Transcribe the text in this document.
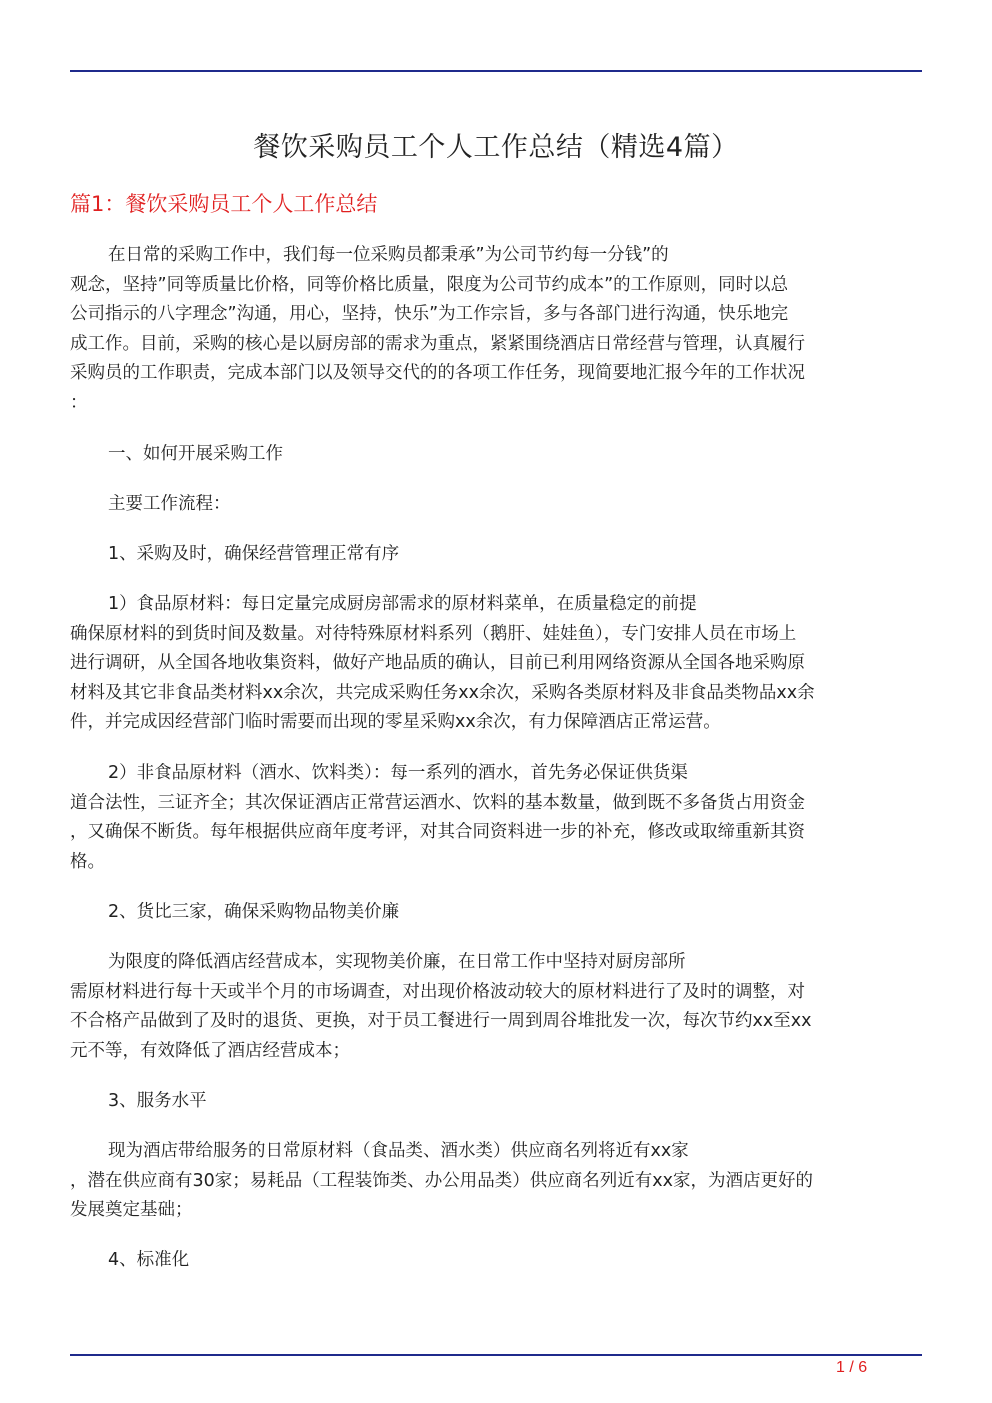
餐饮采购员工个人工作总结（精选4篇）
篇1：餐饮采购员工个人工作总结

在日常的采购工作中，我们每一位采购员都秉承”为公司节约每一分钱”的
观念，坚持”同等质量比价格，同等价格比质量，限度为公司节约成本”的工作原则，同时以总
公司指示的八字理念”沟通，用心，坚持，快乐”为工作宗旨，多与各部门进行沟通，快乐地完
成工作。目前，采购的核心是以厨房部的需求为重点，紧紧围绕酒店日常经营与管理，认真履行
采购员的工作职责，完成本部门以及领导交代的的各项工作任务，现简要地汇报今年的工作状况
：

一、如何开展采购工作

主要工作流程：

1、采购及时，确保经营管理正常有序

1）食品原材料：每日定量完成厨房部需求的原材料菜单，在质量稳定的前提
确保原材料的到货时间及数量。对待特殊原材料系列（鹅肝、娃娃鱼），专门安排人员在市场上
进行调研，从全国各地收集资料，做好产地品质的确认，目前已利用网络资源从全国各地采购原
材料及其它非食品类材料xx余次，共完成采购任务xx余次，采购各类原材料及非食品类物品xx余
件，并完成因经营部门临时需要而出现的零星采购xx余次，有力保障酒店正常运营。

2）非食品原材料（酒水、饮料类）：每一系列的酒水，首先务必保证供货渠
道合法性，三证齐全；其次保证酒店正常营运酒水、饮料的基本数量，做到既不多备货占用资金
，又确保不断货。每年根据供应商年度考评，对其合同资料进一步的补充，修改或取缔重新其资
格。

2、货比三家，确保采购物品物美价廉

为限度的降低酒店经营成本，实现物美价廉，在日常工作中坚持对厨房部所
需原材料进行每十天或半个月的市场调查，对出现价格波动较大的原材料进行了及时的调整，对
不合格产品做到了及时的退货、更换，对于员工餐进行一周到周谷堆批发一次，每次节约xx至xx
元不等，有效降低了酒店经营成本；

3、服务水平

现为酒店带给服务的日常原材料（食品类、酒水类）供应商名列将近有xx家
，潜在供应商有30家；易耗品（工程装饰类、办公用品类）供应商名列近有xx家，为酒店更好的
发展奠定基础；

4、标准化

1 / 6
